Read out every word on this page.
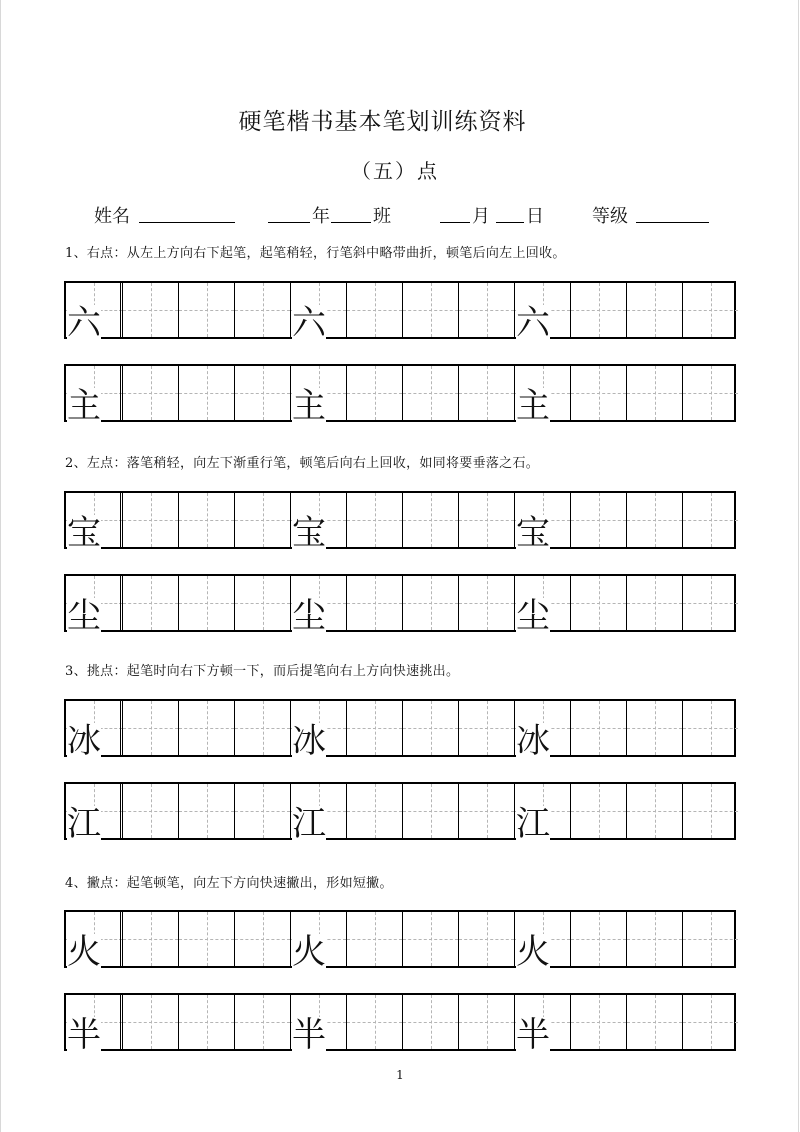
硬笔楷书基本笔划训练资料
（五）点
姓名	年 班	月 日	等级
1、右点：从左上方向右下起笔，起笔稍轻，行笔斜中略带曲折，顿笔后向左上回收。
六	六	六
主	主	主
2、左点：落笔稍轻，向左下渐重行笔，顿笔后向右上回收，如同将要垂落之石。
宝	宝	宝
尘	尘	尘
3、挑点：起笔时向右下方顿一下，而后提笔向右上方向快速挑出。
冰	冰	冰
江	江	江
4、撇点：起笔顿笔，向左下方向快速撇出，形如短撇。
火	火	火
半	半	半
1
